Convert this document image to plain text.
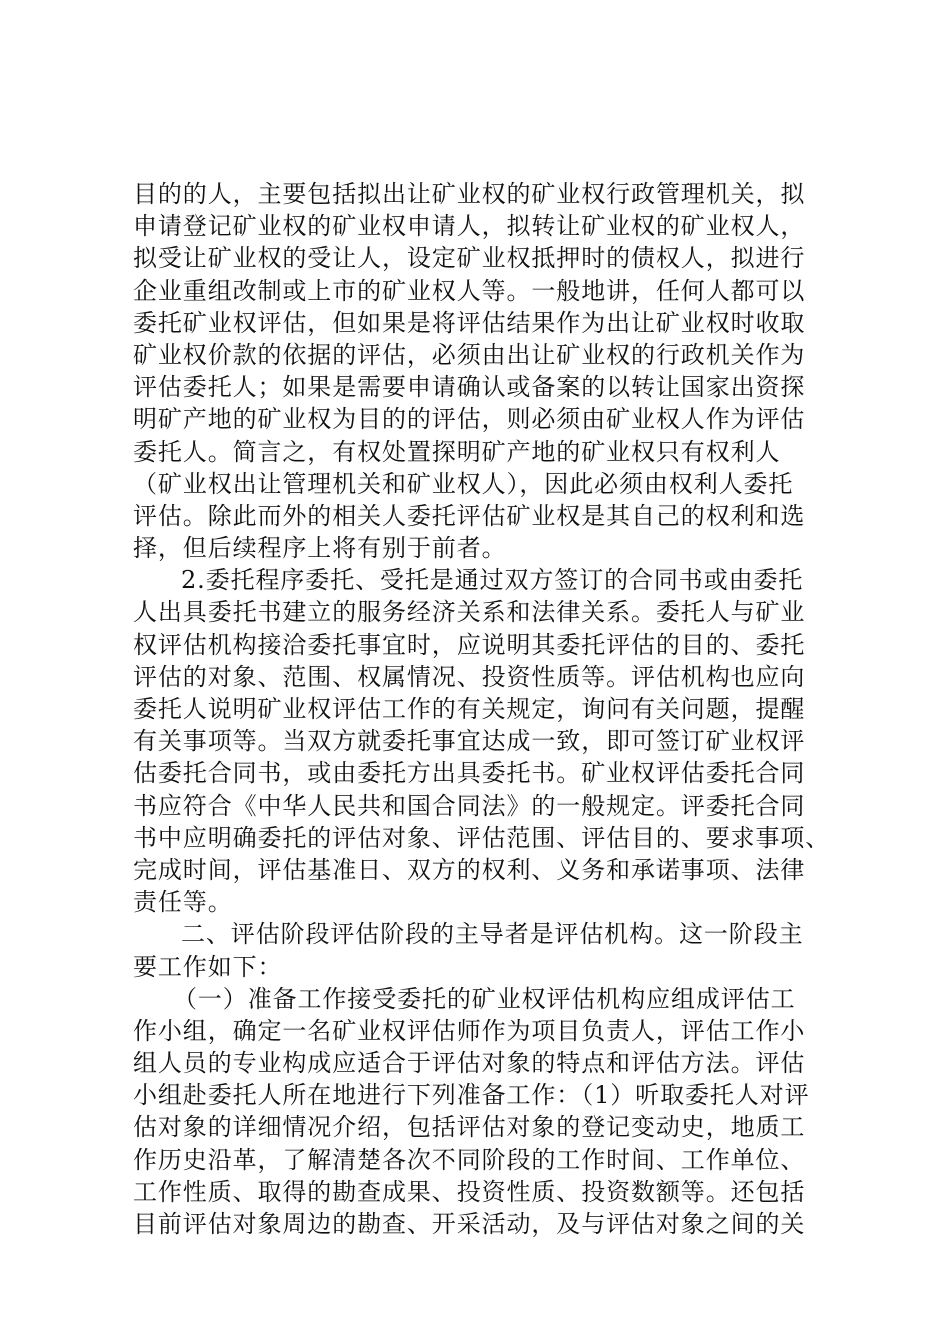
目的的人，主要包括拟出让矿业权的矿业权行政管理机关，拟
申请登记矿业权的矿业权申请人，拟转让矿业权的矿业权人，
拟受让矿业权的受让人，设定矿业权抵押时的债权人，拟进行
企业重组改制或上市的矿业权人等。一般地讲，任何人都可以
委托矿业权评估，但如果是将评估结果作为出让矿业权时收取
矿业权价款的依据的评估，必须由出让矿业权的行政机关作为
评估委托人；如果是需要申请确认或备案的以转让国家出资探
明矿产地的矿业权为目的的评估，则必须由矿业权人作为评估
委托人。简言之，有权处置探明矿产地的矿业权只有权利人
（矿业权出让管理机关和矿业权人），因此必须由权利人委托
评估。除此而外的相关人委托评估矿业权是其自己的权利和选
择，但后续程序上将有别于前者。
2.委托程序委托、受托是通过双方签订的合同书或由委托
人出具委托书建立的服务经济关系和法律关系。委托人与矿业
权评估机构接洽委托事宜时，应说明其委托评估的目的、委托
评估的对象、范围、权属情况、投资性质等。评估机构也应向
委托人说明矿业权评估工作的有关规定，询问有关问题，提醒
有关事项等。当双方就委托事宜达成一致，即可签订矿业权评
估委托合同书，或由委托方出具委托书。矿业权评估委托合同
书应符合《中华人民共和国合同法》的一般规定。评委托合同
书中应明确委托的评估对象、评估范围、评估目的、要求事项、
完成时间，评估基准日、双方的权利、义务和承诺事项、法律
责任等。
二、评估阶段评估阶段的主导者是评估机构。这一阶段主
要工作如下：
（一）准备工作接受委托的矿业权评估机构应组成评估工
作小组，确定一名矿业权评估师作为项目负责人，评估工作小
组人员的专业构成应适合于评估对象的特点和评估方法。评估
小组赴委托人所在地进行下列准备工作：（1）听取委托人对评
估对象的详细情况介绍，包括评估对象的登记变动史，地质工
作历史沿革，了解清楚各次不同阶段的工作时间、工作单位、
工作性质、取得的勘查成果、投资性质、投资数额等。还包括
目前评估对象周边的勘查、开采活动，及与评估对象之间的关
